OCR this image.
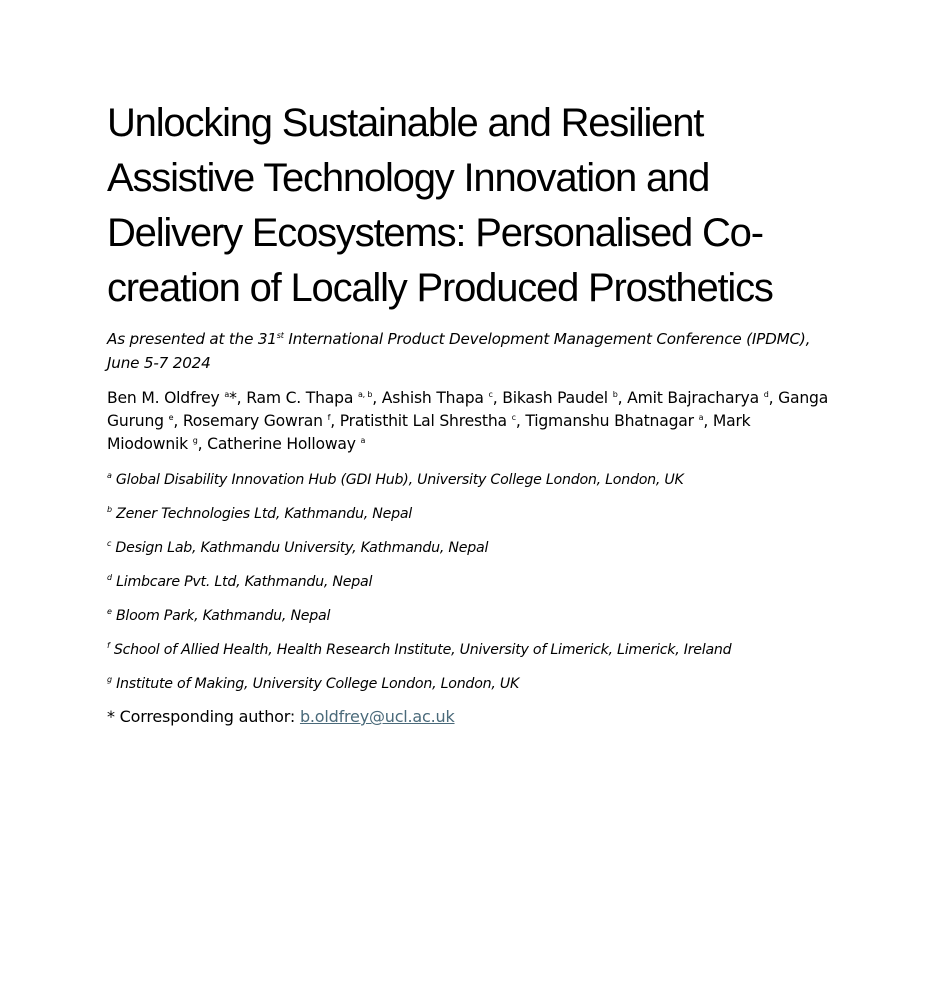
Unlocking Sustainable and Resilient Assistive Technology Innovation and Delivery Ecosystems: Personalised Co-creation of Locally Produced Prosthetics
As presented at the 31st International Product Development Management Conference (IPDMC), June 5-7 2024
Ben M. Oldfrey $^a$*, Ram C. Thapa $^{a, b}$, Ashish Thapa $^c$, Bikash Paudel $^b$, Amit Bajracharya $^d$, Ganga Gurung $^e$, Rosemary Gowran $^f$, Pratisthit Lal Shrestha $^c$, Tigmanshu Bhatnagar $^a$, Mark Miodownik $^g$, Catherine Holloway $^a$
$^a$ Global Disability Innovation Hub (GDI Hub), University College London, London, UK
$^b$ Zener Technologies Ltd, Kathmandu, Nepal
$^c$ Design Lab, Kathmandu University, Kathmandu, Nepal
$^d$ Limbcare Pvt. Ltd, Kathmandu, Nepal
$^e$ Bloom Park, Kathmandu, Nepal
$^f$ School of Allied Health, Health Research Institute, University of Limerick, Limerick, Ireland
$^g$ Institute of Making, University College London, London, UK
* Corresponding author: b.oldfrey@ucl.ac.uk
